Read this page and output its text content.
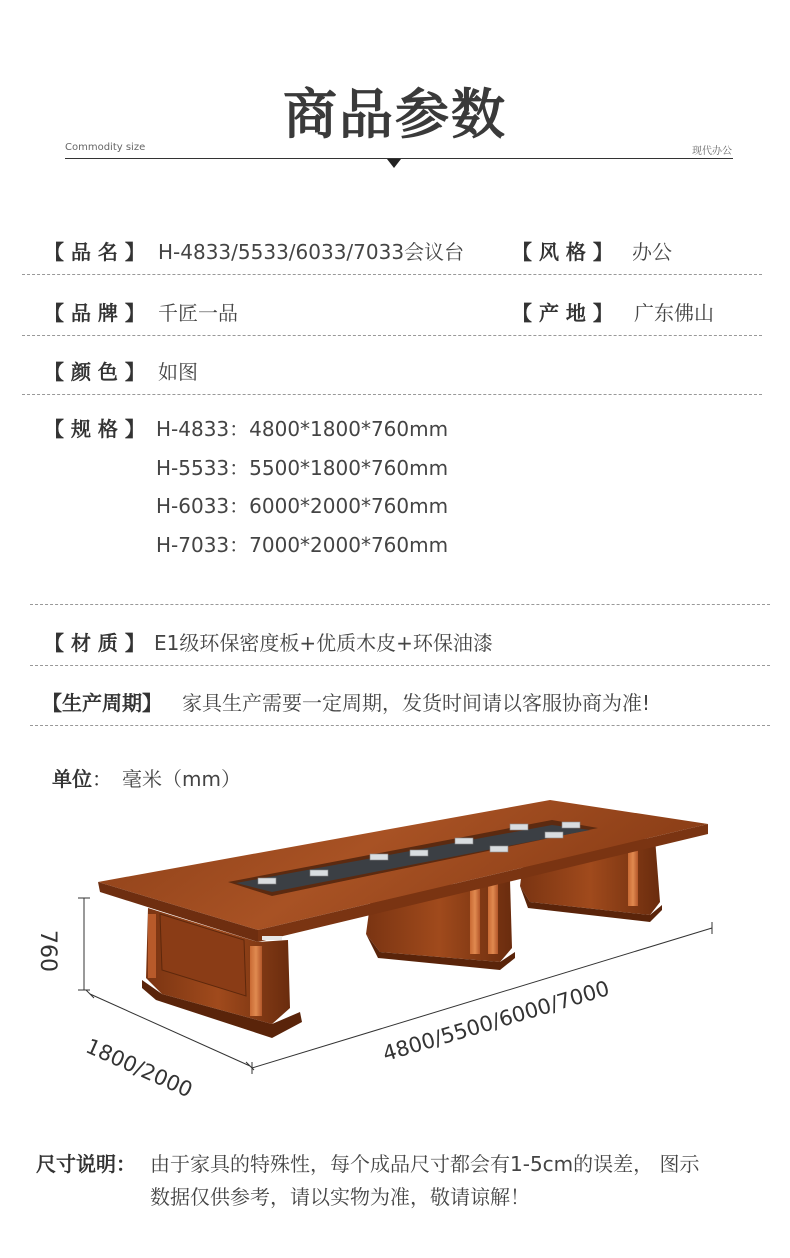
商品参数
Commodity size	现代办公
【 品 名 】 H-4833/5533/6033/7033会议台 【 风 格 】 办公
【 品 牌 】 千匠一品	【 产 地 】 广东佛山
【 颜 色 】 如图
【 规 格 】 H-4833：4800*1800*760mm
H-5533：5500*1800*760mm
H-6033：6000*2000*760mm
H-7033：7000*2000*760mm
【 材 质 】 E1级环保密度板+优质木皮+环保油漆
【生产周期】 家具生产需要一定周期，发货时间请以客服协商为准!
单位： 毫米（mm）
760
1800/2000
4800/5500/6000/7000
尺寸说明： 由于家具的特殊性，每个成品尺寸都会有1-5cm的误差， 图示
数据仅供参考，请以实物为准，敬请谅解！
